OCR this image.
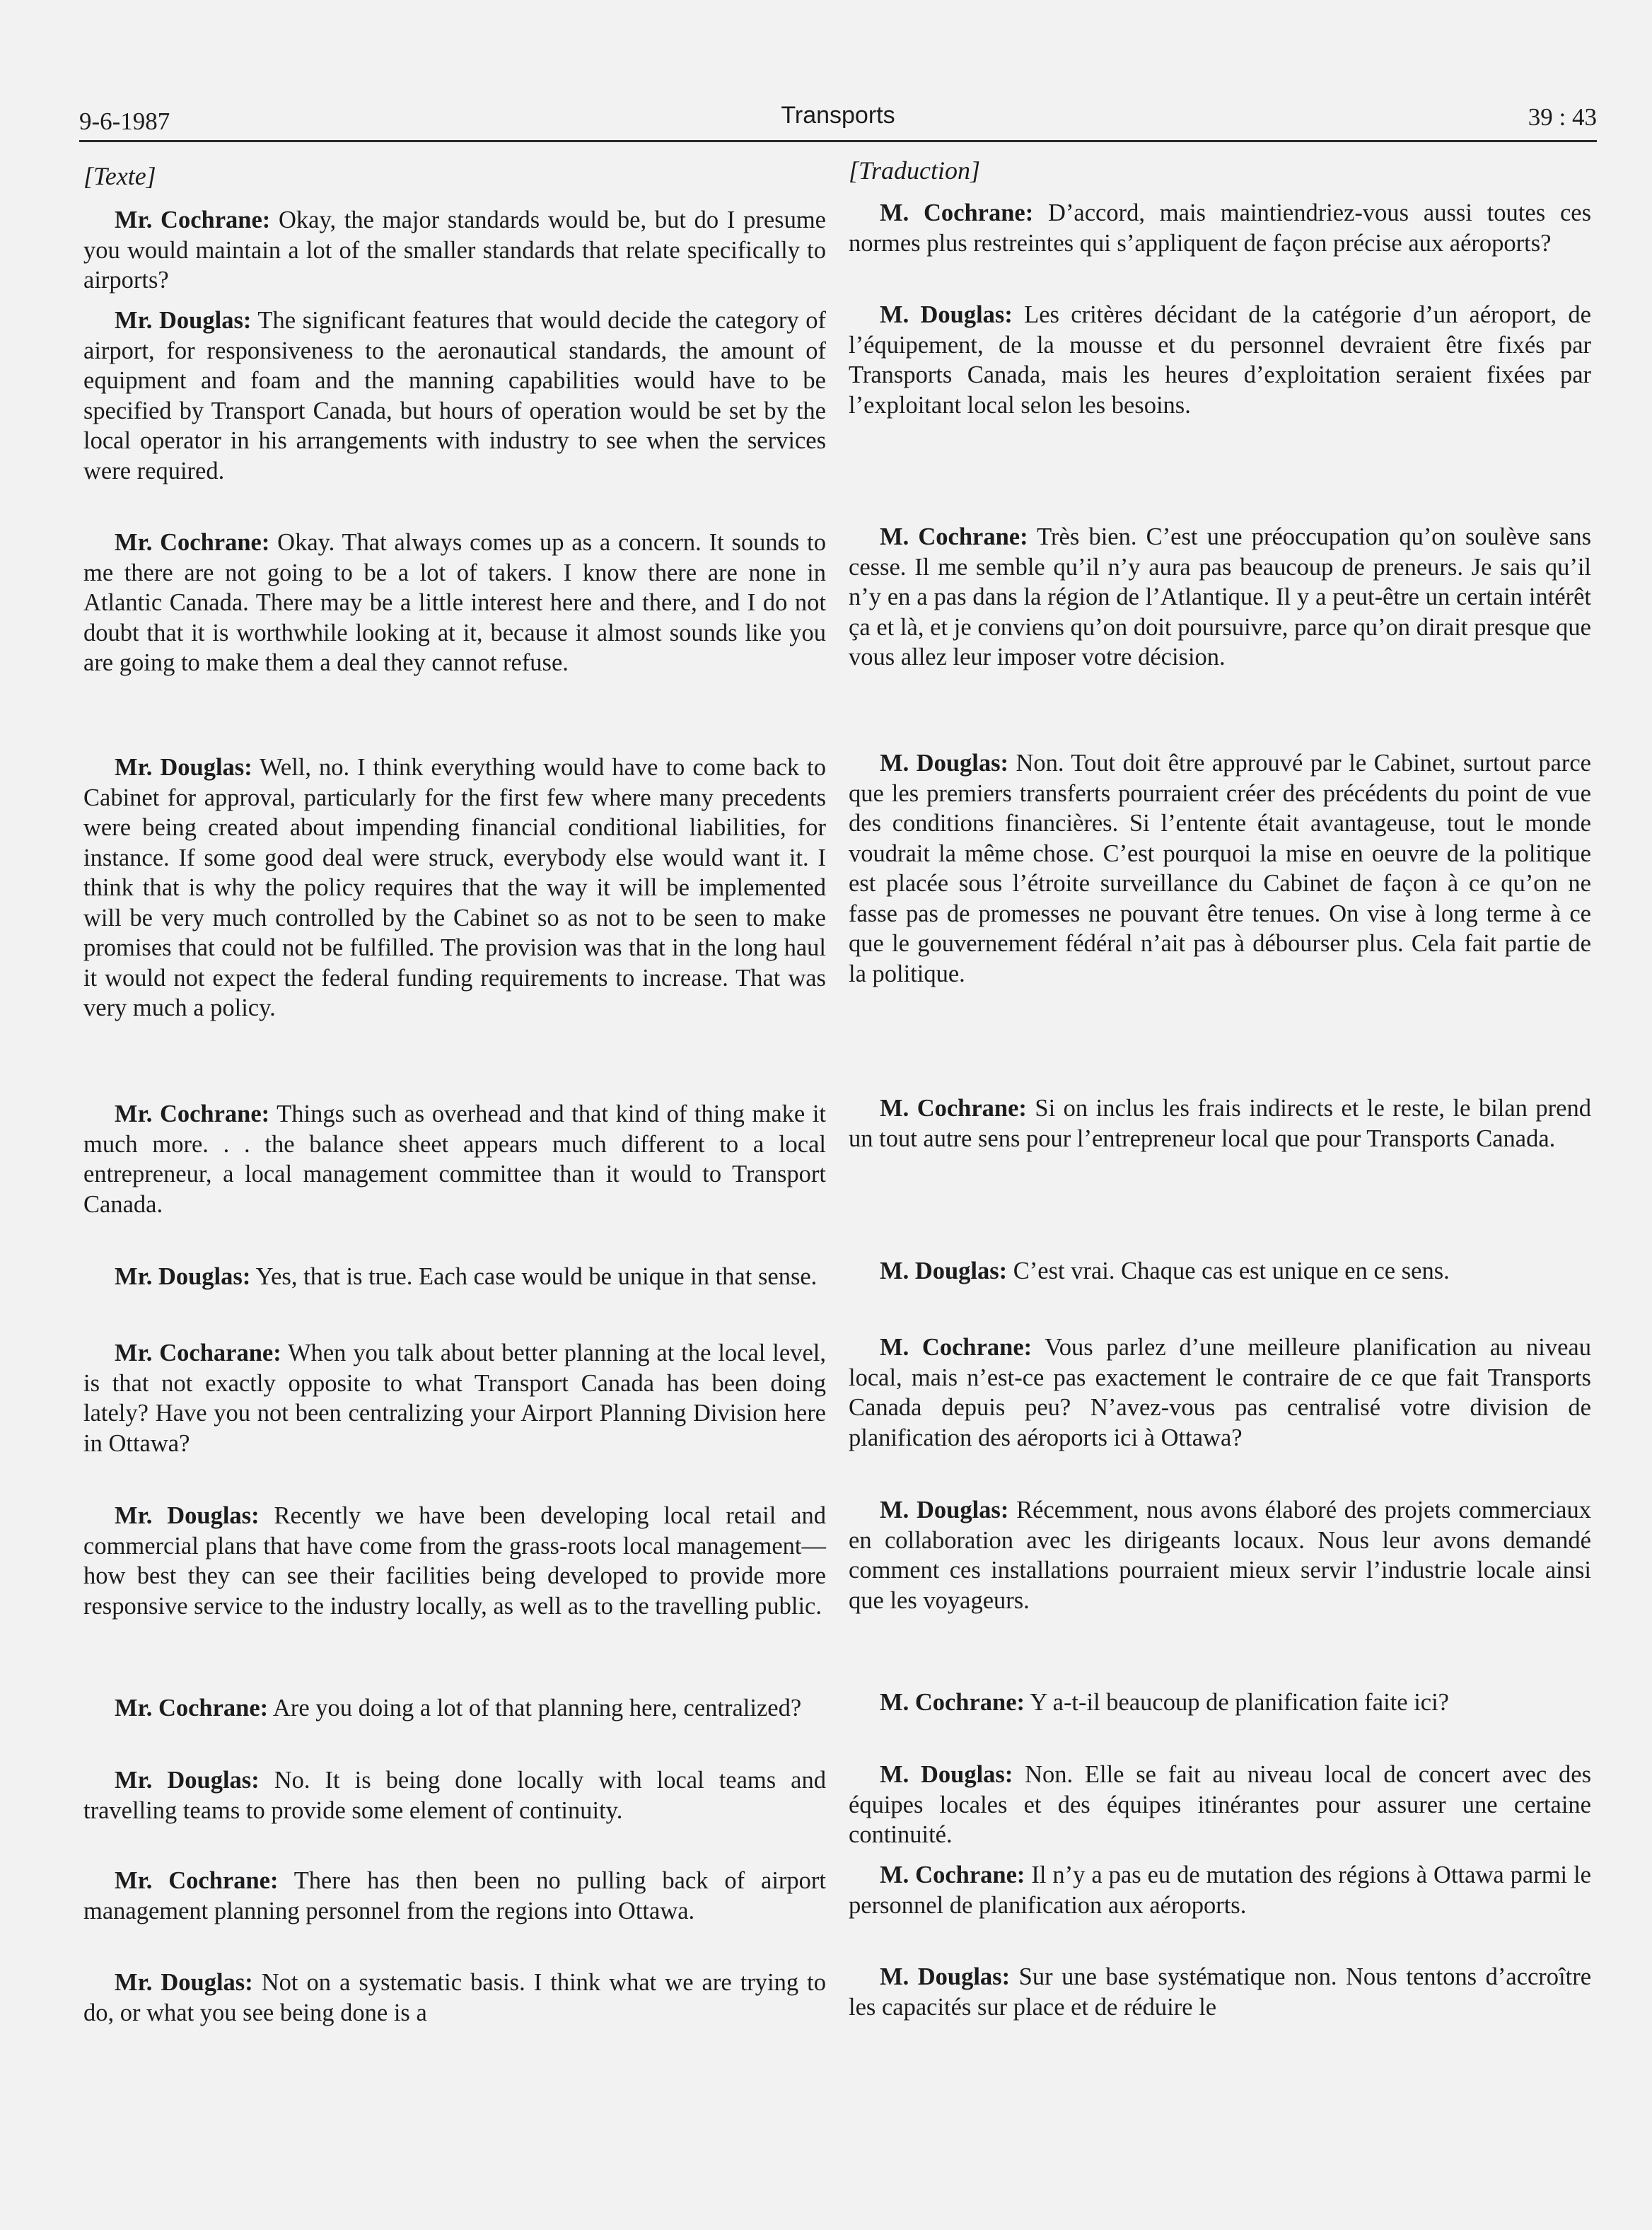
9-6-1987	Transports	39 : 43
[Texte]

Mr. Cochrane: Okay, the major standards would be, but do I presume you would maintain a lot of the smaller standards that relate specifically to airports?

Mr. Douglas: The significant features that would decide the category of airport, for responsiveness to the aeronautical standards, the amount of equipment and foam and the manning capabilities would have to be specified by Transport Canada, but hours of operation would be set by the local operator in his arrangements with industry to see when the services were required.

Mr. Cochrane: Okay. That always comes up as a concern. It sounds to me there are not going to be a lot of takers. I know there are none in Atlantic Canada. There may be a little interest here and there, and I do not doubt that it is worthwhile looking at it, because it almost sounds like you are going to make them a deal they cannot refuse.

Mr. Douglas: Well, no. I think everything would have to come back to Cabinet for approval, particularly for the first few where many precedents were being created about impending financial conditional liabilities, for instance. If some good deal were struck, everybody else would want it. I think that is why the policy requires that the way it will be implemented will be very much controlled by the Cabinet so as not to be seen to make promises that could not be fulfilled. The provision was that in the long haul it would not expect the federal funding requirements to increase. That was very much a policy.

Mr. Cochrane: Things such as overhead and that kind of thing make it much more. . . the balance sheet appears much different to a local entrepreneur, a local management committee than it would to Transport Canada.

Mr. Douglas: Yes, that is true. Each case would be unique in that sense.

Mr. Cocharane: When you talk about better planning at the local level, is that not exactly opposite to what Transport Canada has been doing lately? Have you not been centralizing your Airport Planning Division here in Ottawa?

Mr. Douglas: Recently we have been developing local retail and commercial plans that have come from the grass-roots local management—how best they can see their facilities being developed to provide more responsive service to the industry locally, as well as to the travelling public.

Mr. Cochrane: Are you doing a lot of that planning here, centralized?

Mr. Douglas: No. It is being done locally with local teams and travelling teams to provide some element of continuity.

Mr. Cochrane: There has then been no pulling back of airport management planning personnel from the regions into Ottawa.

Mr. Douglas: Not on a systematic basis. I think what we are trying to do, or what you see being done is a

[Traduction]

M. Cochrane: D’accord, mais maintiendriez-vous aussi toutes ces normes plus restreintes qui s’appliquent de façon précise aux aéroports?

M. Douglas: Les critères décidant de la catégorie d’un aéroport, de l’équipement, de la mousse et du personnel devraient être fixés par Transports Canada, mais les heures d’exploitation seraient fixées par l’exploitant local selon les besoins.

M. Cochrane: Très bien. C’est une préoccupation qu’on soulève sans cesse. Il me semble qu’il n’y aura pas beaucoup de preneurs. Je sais qu’il n’y en a pas dans la région de l’Atlantique. Il y a peut-être un certain intérêt ça et là, et je conviens qu’on doit poursuivre, parce qu’on dirait presque que vous allez leur imposer votre décision.

M. Douglas: Non. Tout doit être approuvé par le Cabinet, surtout parce que les premiers transferts pourraient créer des précédents du point de vue des conditions financières. Si l’entente était avantageuse, tout le monde voudrait la même chose. C’est pourquoi la mise en oeuvre de la politique est placée sous l’étroite surveillance du Cabinet de façon à ce qu’on ne fasse pas de promesses ne pouvant être tenues. On vise à long terme à ce que le gouvernement fédéral n’ait pas à débourser plus. Cela fait partie de la politique.

M. Cochrane: Si on inclus les frais indirects et le reste, le bilan prend un tout autre sens pour l’entrepreneur local que pour Transports Canada.

M. Douglas: C’est vrai. Chaque cas est unique en ce sens.

M. Cochrane: Vous parlez d’une meilleure planification au niveau local, mais n’est-ce pas exactement le contraire de ce que fait Transports Canada depuis peu? N’avez-vous pas centralisé votre division de planification des aéroports ici à Ottawa?

M. Douglas: Récemment, nous avons élaboré des projets commerciaux en collaboration avec les dirigeants locaux. Nous leur avons demandé comment ces installations pourraient mieux servir l’industrie locale ainsi que les voyageurs.

M. Cochrane: Y a-t-il beaucoup de planification faite ici?

M. Douglas: Non. Elle se fait au niveau local de concert avec des équipes locales et des équipes itinérantes pour assurer une certaine continuité.

M. Cochrane: Il n’y a pas eu de mutation des régions à Ottawa parmi le personnel de planification aux aéroports.

M. Douglas: Sur une base systématique non. Nous tentons d’accroître les capacités sur place et de réduire le
